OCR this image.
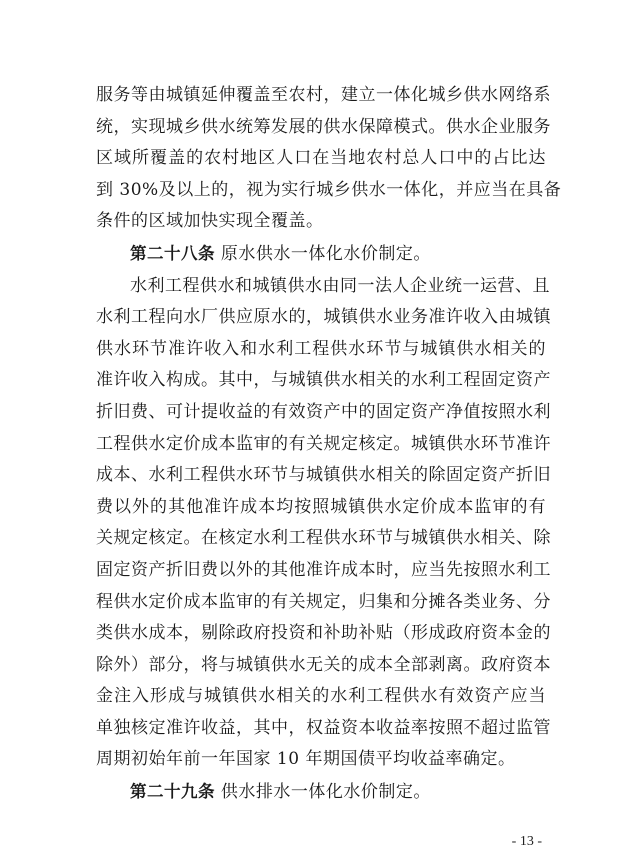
服务等由城镇延伸覆盖至农村，建立一体化城乡供水网络系
统，实现城乡供水统筹发展的供水保障模式。供水企业服务
区域所覆盖的农村地区人口在当地农村总人口中的占比达
到 30%及以上的，视为实行城乡供水一体化，并应当在具备
条件的区域加快实现全覆盖。
第二十八条 原水供水一体化水价制定。
水利工程供水和城镇供水由同一法人企业统一运营、且
水利工程向水厂供应原水的，城镇供水业务准许收入由城镇
供水环节准许收入和水利工程供水环节与城镇供水相关的
准许收入构成。其中，与城镇供水相关的水利工程固定资产
折旧费、可计提收益的有效资产中的固定资产净值按照水利
工程供水定价成本监审的有关规定核定。城镇供水环节准许
成本、水利工程供水环节与城镇供水相关的除固定资产折旧
费以外的其他准许成本均按照城镇供水定价成本监审的有
关规定核定。在核定水利工程供水环节与城镇供水相关、除
固定资产折旧费以外的其他准许成本时，应当先按照水利工
程供水定价成本监审的有关规定，归集和分摊各类业务、分
类供水成本，剔除政府投资和补助补贴（形成政府资本金的
除外）部分，将与城镇供水无关的成本全部剥离。政府资本
金注入形成与城镇供水相关的水利工程供水有效资产应当
单独核定准许收益，其中，权益资本收益率按照不超过监管
周期初始年前一年国家 10 年期国债平均收益率确定。
第二十九条 供水排水一体化水价制定。
- 13 -
